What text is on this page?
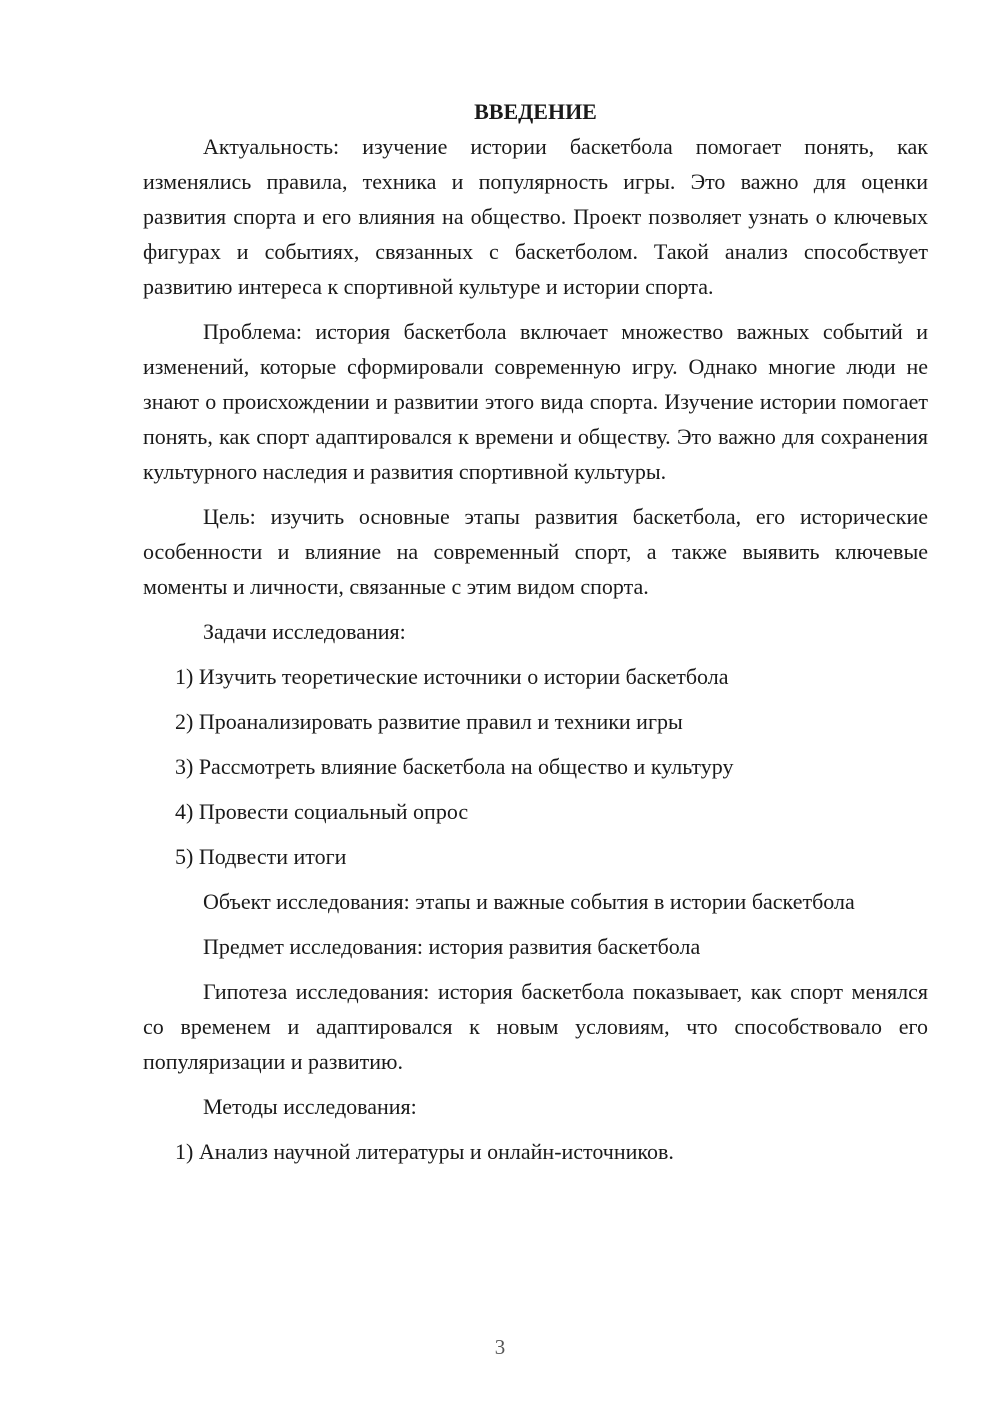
ВВЕДЕНИЕ

Актуальность: изучение истории баскетбола помогает понять, как изменялись правила, техника и популярность игры. Это важно для оценки развития спорта и его влияния на общество. Проект позволяет узнать о ключевых фигурах и событиях, связанных с баскетболом. Такой анализ способствует развитию интереса к спортивной культуре и истории спорта.

Проблема: история баскетбола включает множество важных событий и изменений, которые сформировали современную игру. Однако многие люди не знают о происхождении и развитии этого вида спорта. Изучение истории помогает понять, как спорт адаптировался к времени и обществу. Это важно для сохранения культурного наследия и развития спортивной культуры.

Цель: изучить основные этапы развития баскетбола, его исторические особенности и влияние на современный спорт, а также выявить ключевые моменты и личности, связанные с этим видом спорта.

Задачи исследования:

1) Изучить теоретические источники о истории баскетбола

2) Проанализировать развитие правил и техники игры

3) Рассмотреть влияние баскетбола на общество и культуру

4) Провести социальный опрос

5) Подвести итоги

Объект исследования: этапы и важные события в истории баскетбола

Предмет исследования: история развития баскетбола

Гипотеза исследования: история баскетбола показывает, как спорт менялся со временем и адаптировался к новым условиям, что способствовало его популяризации и развитию.

Методы исследования:

1) Анализ научной литературы и онлайн-источников.

3
